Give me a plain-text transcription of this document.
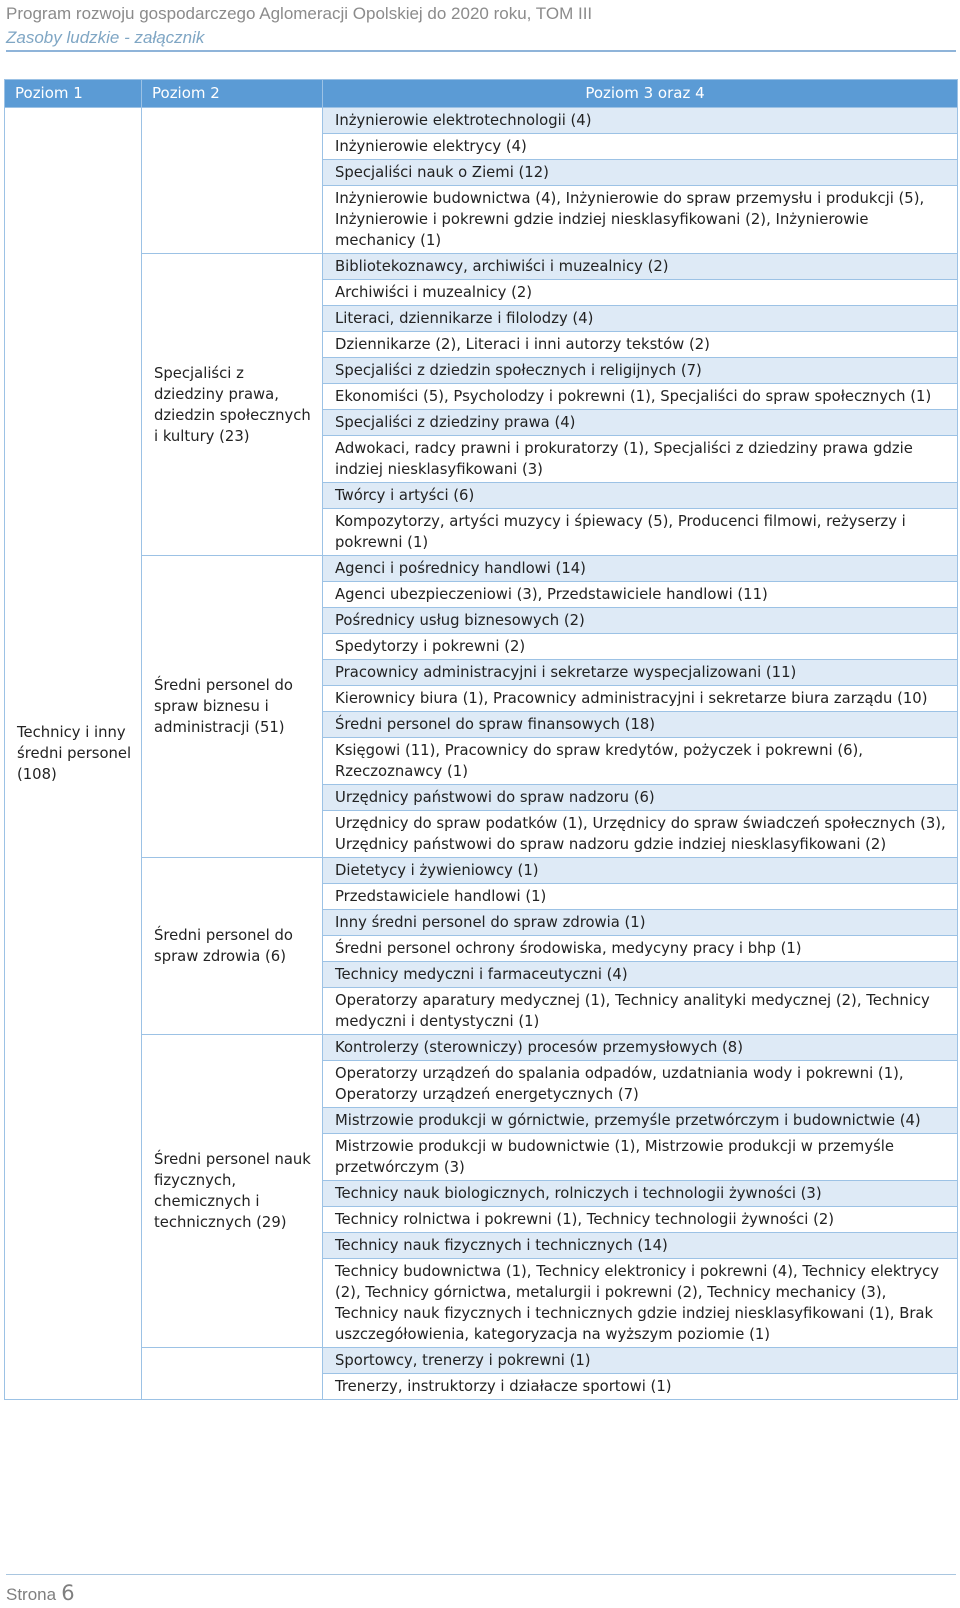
Program rozwoju gospodarczego Aglomeracji Opolskiej do 2020 roku, TOM III
Zasoby ludzkie - załącznik
Poziom 1	Poziom 2	Poziom 3 oraz 4
Technicy i inny średni personel (108)		Inżynierowie elektrotechnologii (4)
		Inżynierowie elektrycy (4)
		Specjaliści nauk o Ziemi (12)
		Inżynierowie budownictwa (4), Inżynierowie do spraw przemysłu i produkcji (5), Inżynierowie i pokrewni gdzie indziej niesklasyfikowani (2), Inżynierowie mechanicy (1)
	Specjaliści z dziedziny prawa, dziedzin społecznych i kultury (23)	Bibliotekoznawcy, archiwiści i muzealnicy (2)
		Archiwiści i muzealnicy (2)
		Literaci, dziennikarze i filolodzy (4)
		Dziennikarze (2), Literaci i inni autorzy tekstów (2)
		Specjaliści z dziedzin społecznych i religijnych (7)
		Ekonomiści (5), Psycholodzy i pokrewni (1), Specjaliści do spraw społecznych (1)
		Specjaliści z dziedziny prawa (4)
		Adwokaci, radcy prawni i prokuratorzy (1), Specjaliści z dziedziny prawa gdzie indziej niesklasyfikowani (3)
		Twórcy i artyści (6)
		Kompozytorzy, artyści muzycy i śpiewacy (5), Producenci filmowi, reżyserzy i pokrewni (1)
	Średni personel do spraw biznesu i administracji (51)	Agenci i pośrednicy handlowi (14)
		Agenci ubezpieczeniowi (3), Przedstawiciele handlowi (11)
		Pośrednicy usług biznesowych (2)
		Spedytorzy i pokrewni (2)
		Pracownicy administracyjni i sekretarze wyspecjalizowani (11)
		Kierownicy biura (1), Pracownicy administracyjni i sekretarze biura zarządu (10)
		Średni personel do spraw finansowych (18)
		Księgowi (11), Pracownicy do spraw kredytów, pożyczek i pokrewni (6), Rzeczoznawcy (1)
		Urzędnicy państwowi do spraw nadzoru (6)
		Urzędnicy do spraw podatków (1), Urzędnicy do spraw świadczeń społecznych (3), Urzędnicy państwowi do spraw nadzoru gdzie indziej niesklasyfikowani (2)
	Średni personel do spraw zdrowia (6)	Dietetycy i żywieniowcy (1)
		Przedstawiciele handlowi (1)
		Inny średni personel do spraw zdrowia (1)
		Średni personel ochrony środowiska, medycyny pracy i bhp (1)
		Technicy medyczni i farmaceutyczni (4)
		Operatorzy aparatury medycznej (1), Technicy analityki medycznej (2), Technicy medyczni i dentystyczni (1)
	Średni personel nauk fizycznych, chemicznych i technicznych (29)	Kontrolerzy (sterowniczy) procesów przemysłowych (8)
		Operatorzy urządzeń do spalania odpadów, uzdatniania wody i pokrewni (1), Operatorzy urządzeń energetycznych (7)
		Mistrzowie produkcji w górnictwie, przemyśle przetwórczym i budownictwie (4)
		Mistrzowie produkcji w budownictwie (1), Mistrzowie produkcji w przemyśle przetwórczym (3)
		Technicy nauk biologicznych, rolniczych i technologii żywności (3)
		Technicy rolnictwa i pokrewni (1), Technicy technologii żywności (2)
		Technicy nauk fizycznych i technicznych (14)
		Technicy budownictwa (1), Technicy elektronicy i pokrewni (4), Technicy elektrycy (2), Technicy górnictwa, metalurgii i pokrewni (2), Technicy mechanicy (3), Technicy nauk fizycznych i technicznych gdzie indziej niesklasyfikowani (1), Brak uszczegółowienia, kategoryzacja na wyższym poziomie (1)
		Sportowcy, trenerzy i pokrewni (1)
		Trenerzy, instruktorzy i działacze sportowi (1)
Strona 6
